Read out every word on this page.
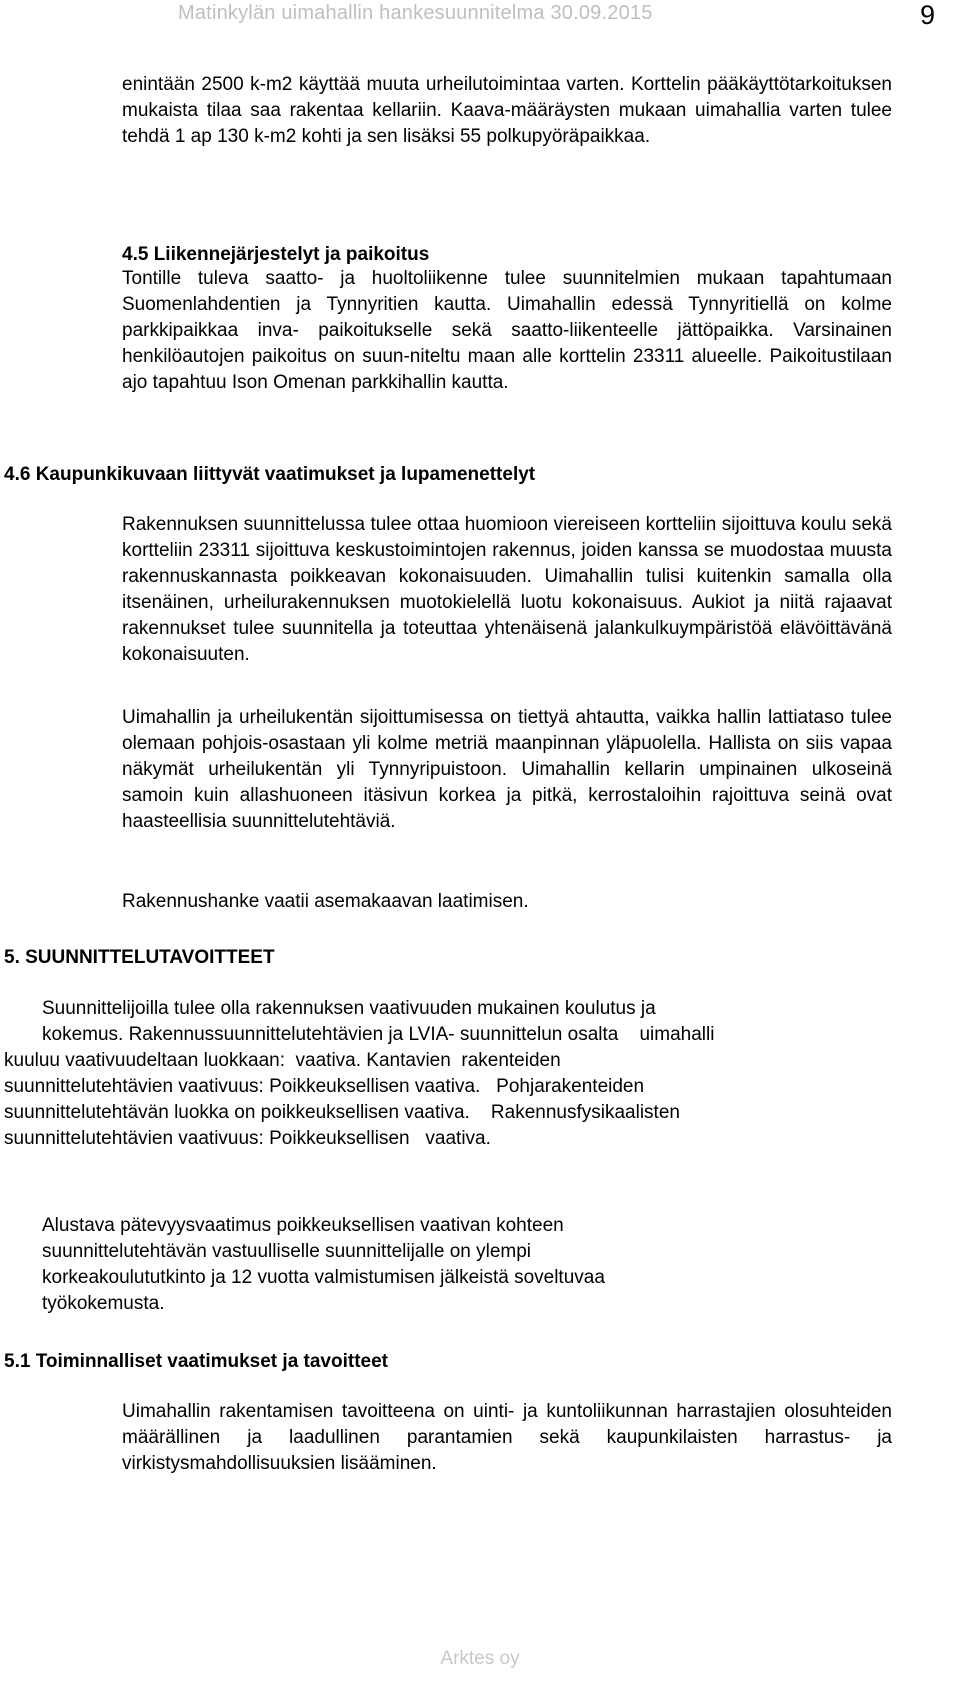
Matinkylän uimahallin hankesuunnitelma 30.09.2015	9

enintään 2500 k-m2 käyttää muuta urheilutoimintaa varten. Korttelin pääkäyttötarkoituksen mukaista tilaa saa rakentaa kellariin. Kaava-määräysten mukaan uimahallia varten tulee tehdä 1 ap 130 k-m2 kohti ja sen lisäksi 55 polkupyöräpaikkaa.

4.5 Liikennejärjestelyt ja paikoitus

Tontille tuleva saatto- ja huoltoliikenne tulee suunnitelmien mukaan tapahtumaan Suomenlahdentien ja Tynnyritien kautta. Uimahallin edessä Tynnyritiellä on kolme parkkipaikkaa inva- paikoitukselle sekä saatto-liikenteelle jättöpaikka. Varsinainen henkilöautojen paikoitus on suun-niteltu maan alle korttelin 23311 alueelle. Paikoitustilaan ajo tapahtuu Ison Omenan parkkihallin kautta.

4.6 Kaupunkikuvaan liittyvät vaatimukset ja lupamenettelyt

Rakennuksen suunnittelussa tulee ottaa huomioon viereiseen kortteliin sijoittuva koulu sekä kortteliin 23311 sijoittuva keskustoimintojen rakennus, joiden kanssa se muodostaa muusta rakennuskannasta poikkeavan kokonaisuuden. Uimahallin tulisi kuitenkin samalla olla itsenäinen, urheilurakennuksen muotokielellä luotu kokonaisuus. Aukiot ja niitä rajaavat rakennukset tulee suunnitella ja toteuttaa yhtenäisenä jalankulkuympäristöä elävöittävänä kokonaisuuten.

Uimahallin ja urheilukentän sijoittumisessa on tiettyä ahtautta, vaikka hallin lattiataso tulee olemaan pohjois-osastaan yli kolme metriä maanpinnan yläpuolella. Hallista on siis vapaa näkymät urheilukentän yli Tynnyripuistoon. Uimahallin kellarin umpinainen ulkoseinä samoin kuin allashuoneen itäsivun korkea ja pitkä, kerrostaloihin rajoittuva seinä ovat haasteellisia suunnittelutehtäviä.

Rakennushanke vaatii asemakaavan laatimisen.

5. SUUNNITTELUTAVOITTEET
Suunnittelijoilla tulee olla rakennuksen vaativuuden mukainen koulutus ja
kokemus. Rakennussuunnittelutehtävien ja LVIA- suunnittelun osalta    uimahalli
kuuluu vaativuudeltaan luokkaan:  vaativa. Kantavien  rakenteiden
suunnittelutehtävien vaativuus: Poikkeuksellisen vaativa.   Pohjarakenteiden
suunnittelutehtävän luokka on poikkeuksellisen vaativa.    Rakennusfysikaalisten
suunnittelutehtävien vaativuus: Poikkeuksellisen   vaativa.
Alustava pätevyysvaatimus poikkeuksellisen vaativan kohteen
suunnittelutehtävän vastuulliselle suunnittelijalle on ylempi
korkeakoulututkinto ja 12 vuotta valmistumisen jälkeistä soveltuvaa
työkokemusta.
5.1 Toiminnalliset vaatimukset ja tavoitteet

Uimahallin rakentamisen tavoitteena on uinti- ja kuntoliikunnan harrastajien olosuhteiden määrällinen ja laadullinen parantamien sekä kaupunkilaisten harrastus- ja virkistysmahdollisuuksien lisääminen.

Arktes oy
